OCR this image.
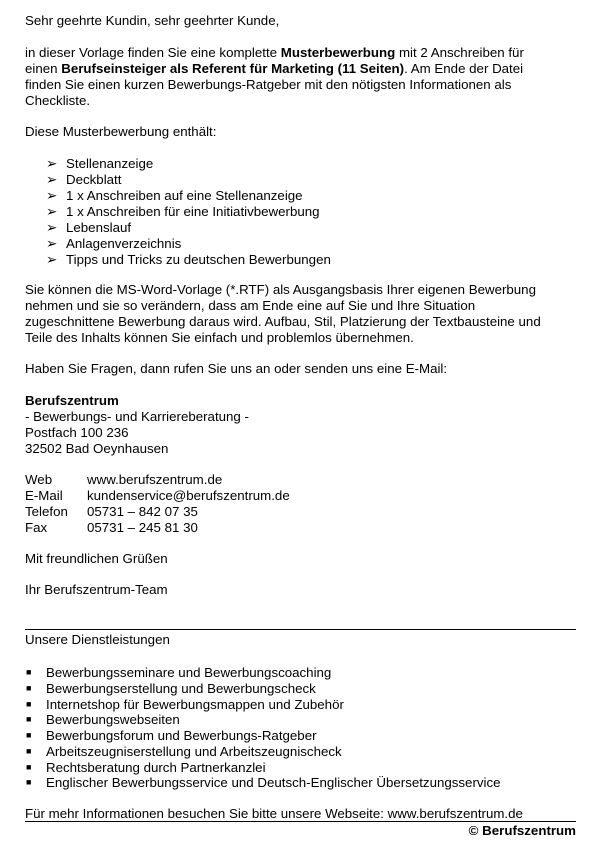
Sehr geehrte Kundin, sehr geehrter Kunde,
in dieser Vorlage finden Sie eine komplette Musterbewerbung mit 2 Anschreiben für
einen Berufseinsteiger als Referent für Marketing (11 Seiten). Am Ende der Datei
finden Sie einen kurzen Bewerbungs-Ratgeber mit den nötigsten Informationen als
Checkliste.
Diese Musterbewerbung enthält:
➢ Stellenanzeige
➢ Deckblatt
➢ 1 x Anschreiben auf eine Stellenanzeige
➢ 1 x Anschreiben für eine Initiativbewerbung
➢ Lebenslauf
➢ Anlagenverzeichnis
➢ Tipps und Tricks zu deutschen Bewerbungen
Sie können die MS-Word-Vorlage (*.RTF) als Ausgangsbasis Ihrer eigenen Bewerbung
nehmen und sie so verändern, dass am Ende eine auf Sie und Ihre Situation
zugeschnittene Bewerbung daraus wird. Aufbau, Stil, Platzierung der Textbausteine und
Teile des Inhalts können Sie einfach und problemlos übernehmen.
Haben Sie Fragen, dann rufen Sie uns an oder senden uns eine E-Mail:
Berufszentrum
- Bewerbungs- und Karriereberatung -
Postfach 100 236
32502 Bad Oeynhausen
Web	www.berufszentrum.de
E-Mail kundenservice@berufszentrum.de
Telefon 05731 – 842 07 35
Fax	05731 – 245 81 30
Mit freundlichen Grüßen
Ihr Berufszentrum-Team
Unsere Dienstleistungen
■ Bewerbungsseminare und Bewerbungscoaching
■ Bewerbungserstellung und Bewerbungscheck
■ Internetshop für Bewerbungsmappen und Zubehör
■ Bewerbungswebseiten
■ Bewerbungsforum und Bewerbungs-Ratgeber
■ Arbeitszeugniserstellung und Arbeitszeugnischeck
■ Rechtsberatung durch Partnerkanzlei
■ Englischer Bewerbungsservice und Deutsch-Englischer Übersetzungsservice
Für mehr Informationen besuchen Sie bitte unsere Webseite: www.berufszentrum.de
© Berufszentrum
